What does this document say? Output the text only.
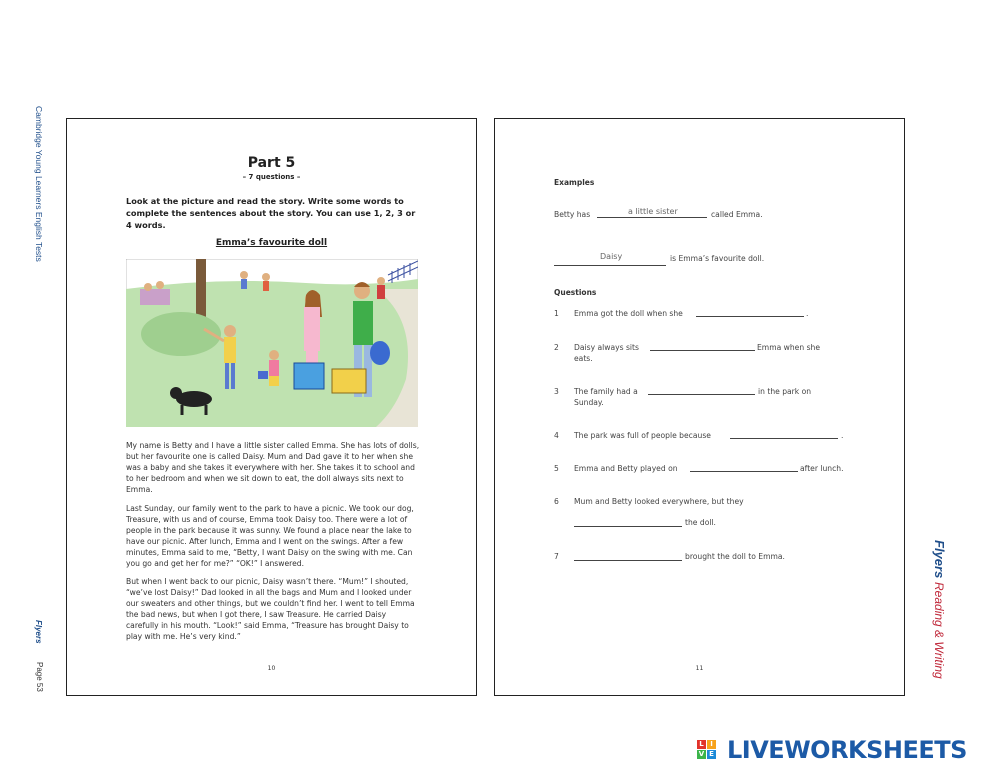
Cambridge Young Learners English Tests
Flyers
Page 53
Flyers
Reading & Writing
Part 5
– 7 questions –
Look at the picture and read the story. Write some words to complete the sentences about the story. You can use 1, 2, 3 or 4 words.
Emma’s favourite doll

My name is Betty and I have a little sister called Emma. She has lots of dolls, but her favourite one is called Daisy. Mum and Dad gave it to her when she was a baby and she takes it everywhere with her. She takes it to school and to her bedroom and when we sit down to eat, the doll always sits next to Emma.

Last Sunday, our family went to the park to have a picnic. We took our dog, Treasure, with us and of course, Emma took Daisy too. There were a lot of people in the park because it was sunny. We found a place near the lake to have our picnic. After lunch, Emma and I went on the swings. After a few minutes, Emma said to me, “Betty, I want Daisy on the swing with me. Can you go and get her for me?” “OK!” I answered.

But when I went back to our picnic, Daisy wasn’t there. “Mum!” I shouted, “we’ve lost Daisy!” Dad looked in all the bags and Mum and I looked under our sweaters and other things, but we couldn’t find her. I went to tell Emma the bad news, but when I got there, I saw Treasure. He carried Daisy carefully in his mouth. “Look!” said Emma, “Treasure has brought Daisy to play with me. He’s very kind.”

10
Examples
Betty has	a little sister	called Emma.
Daisy	is Emma’s favourite doll.
Questions
1 Emma got the doll when she	.
2 Daisy always sits	Emma when she
eats.
3 The family had a	in the park on
Sunday.
4 The park was full of people because	.
5 Emma and Betty played on	after lunch.
6 Mum and Betty looked everywhere, but they
the doll.
7	brought the doll to Emma.
11
L I
V E LIVEWORKSHEETS
